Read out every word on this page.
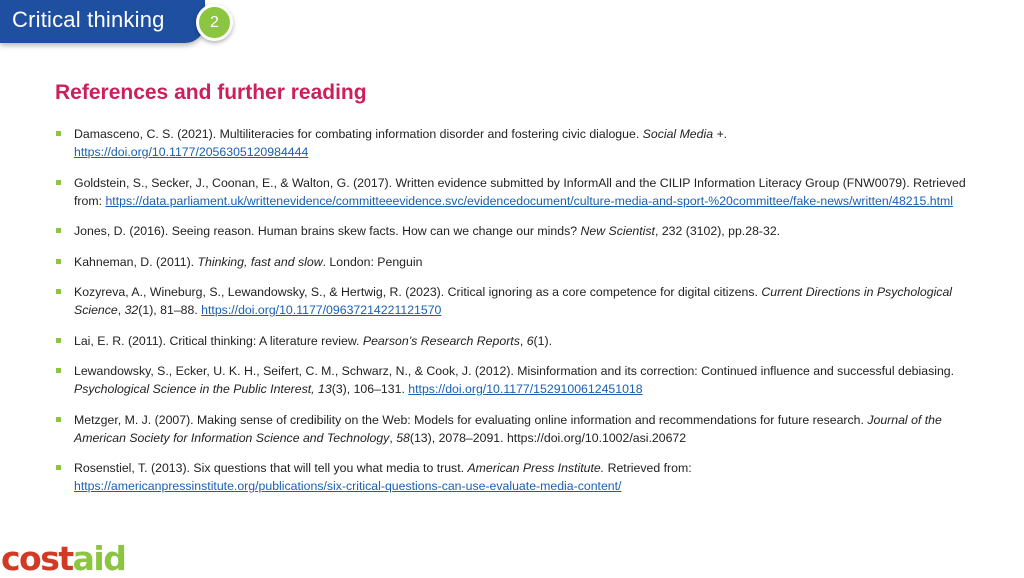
Critical thinking	2
References and further reading
Damasceno, C. S. (2021). Multiliteracies for combating information disorder and fostering civic dialogue. Social Media +.
https://doi.org/10.1177/2056305120984444
Goldstein, S., Secker, J., Coonan, E., & Walton, G. (2017). Written evidence submitted by InformAll and the CILIP Information Literacy Group (FNW0079). Retrieved from: https://data.parliament.uk/writtenevidence/committeeevidence.svc/evidencedocument/culture-media-and-sport-%20committee/fake-news/written/48215.html
Jones, D. (2016). Seeing reason. Human brains skew facts. How can we change our minds? New Scientist, 232 (3102), pp.28-32.
Kahneman, D. (2011). Thinking, fast and slow. London: Penguin
Kozyreva, A., Wineburg, S., Lewandowsky, S., & Hertwig, R. (2023). Critical ignoring as a core competence for digital citizens. Current Directions in Psychological Science, 32(1), 81–88. https://doi.org/10.1177/09637214221121570
Lai, E. R. (2011). Critical thinking: A literature review. Pearson’s Research Reports, 6(1).
Lewandowsky, S., Ecker, U. K. H., Seifert, C. M., Schwarz, N., & Cook, J. (2012). Misinformation and its correction: Continued influence and successful debiasing. Psychological Science in the Public Interest, 13(3), 106–131. https://doi.org/10.1177/1529100612451018
Metzger, M. J. (2007). Making sense of credibility on the Web: Models for evaluating online information and recommendations for future research. Journal of the American Society for Information Science and Technology, 58(13), 2078–2091. https://doi.org/10.1002/asi.20672
Rosenstiel, T. (2013). Six questions that will tell you what media to trust. American Press Institute. Retrieved from:
https://americanpressinstitute.org/publications/six-critical-questions-can-use-evaluate-media-content/
costaid
